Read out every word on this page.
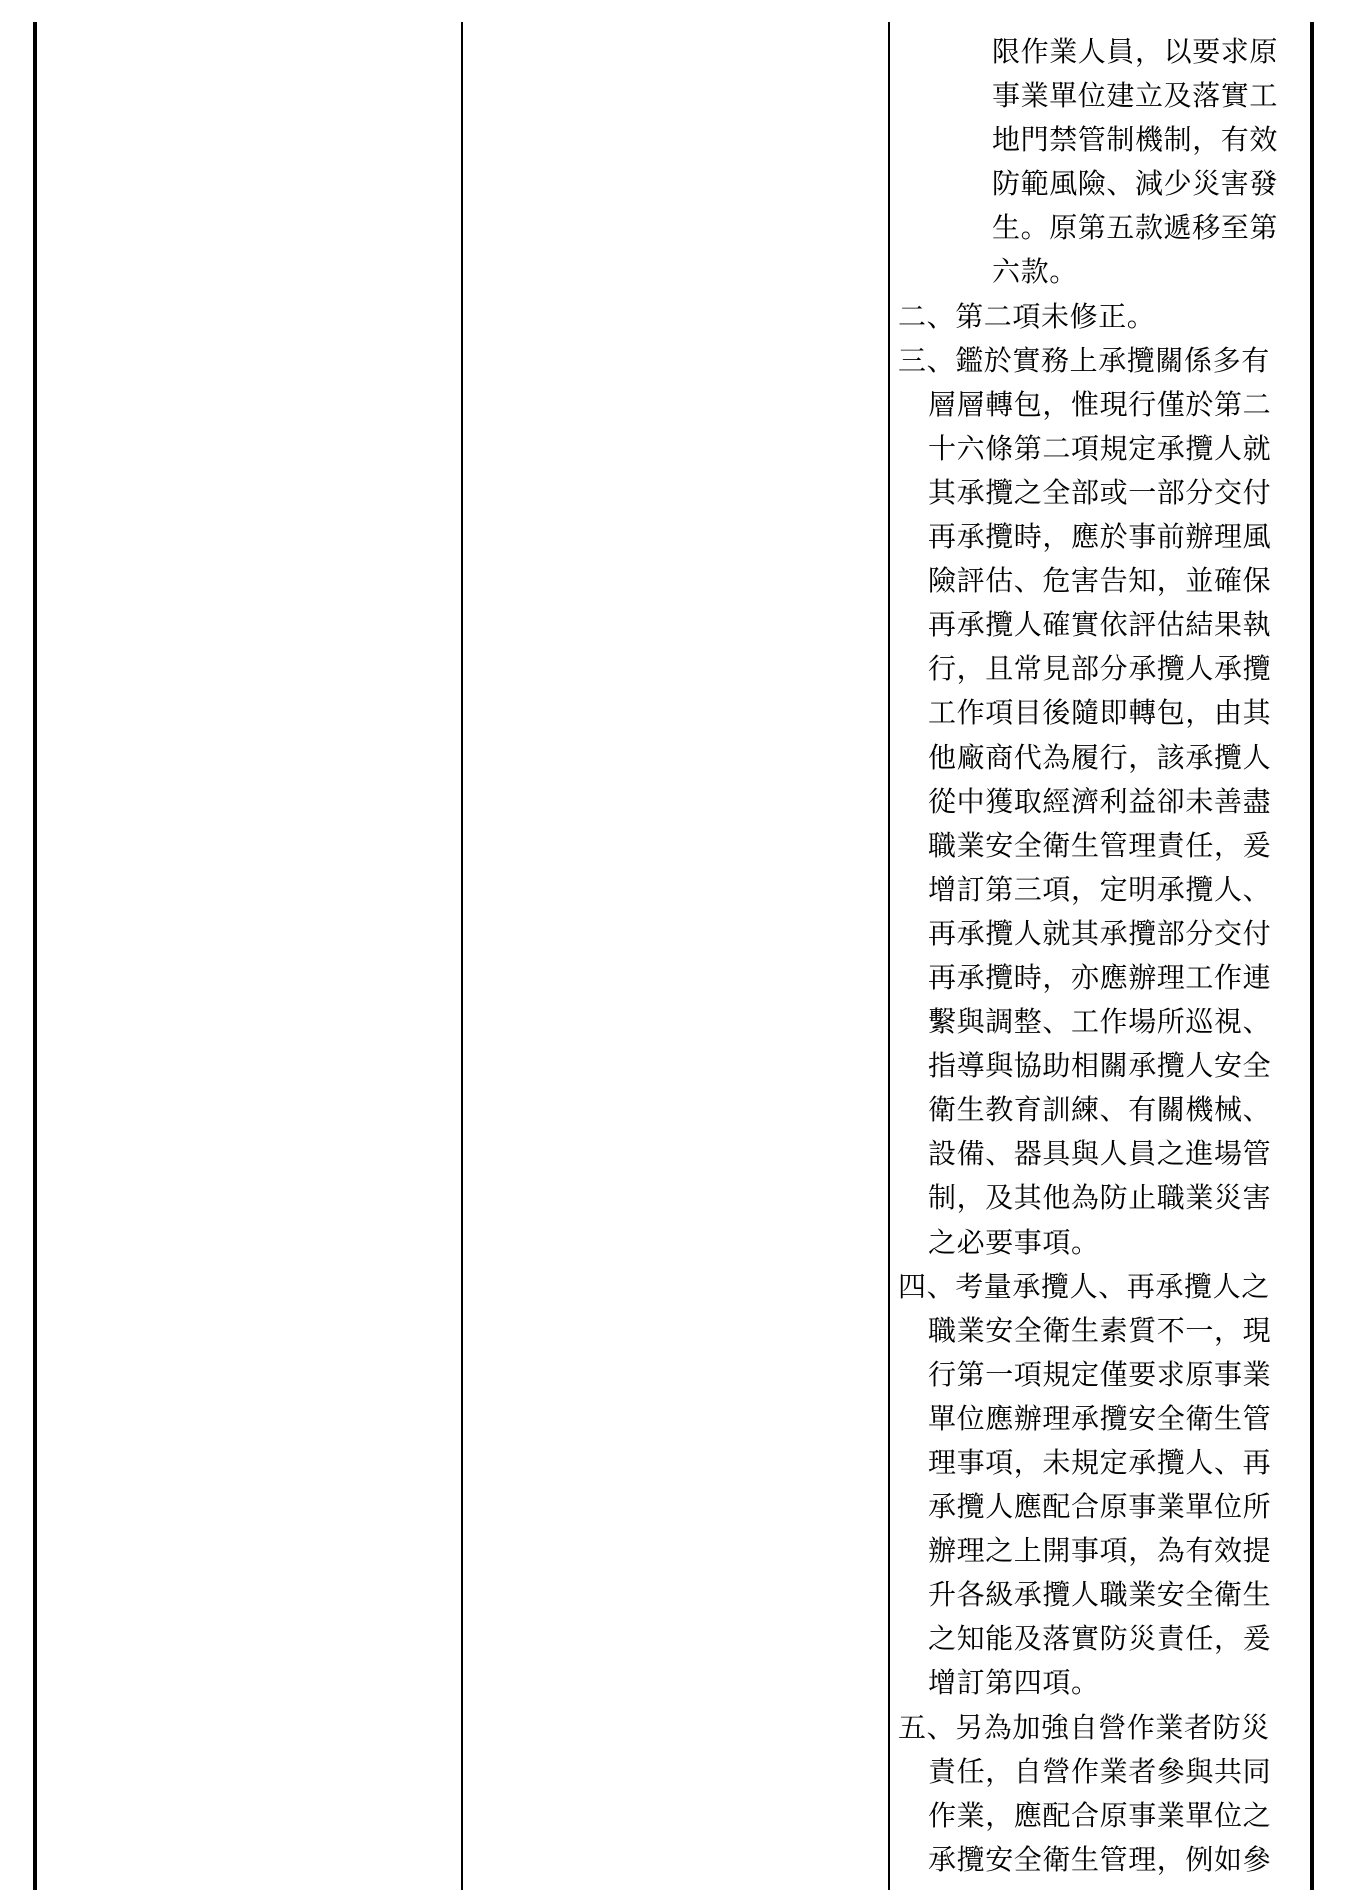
限作業人員，以要求原
事業單位建立及落實工
地門禁管制機制，有效
防範風險、減少災害發
生。原第五款遞移至第
六款。
二、第二項未修正。
三、鑑於實務上承攬關係多有
層層轉包，惟現行僅於第二
十六條第二項規定承攬人就
其承攬之全部或一部分交付
再承攬時，應於事前辦理風
險評估、危害告知，並確保
再承攬人確實依評估結果執
行，且常見部分承攬人承攬
工作項目後隨即轉包，由其
他廠商代為履行，該承攬人
從中獲取經濟利益卻未善盡
職業安全衛生管理責任，爰
增訂第三項，定明承攬人、
再承攬人就其承攬部分交付
再承攬時，亦應辦理工作連
繫與調整、工作場所巡視、
指導與協助相關承攬人安全
衛生教育訓練、有關機械、
設備、器具與人員之進場管
制，及其他為防止職業災害
之必要事項。
四、考量承攬人、再承攬人之
職業安全衛生素質不一，現
行第一項規定僅要求原事業
單位應辦理承攬安全衛生管
理事項，未規定承攬人、再
承攬人應配合原事業單位所
辦理之上開事項，為有效提
升各級承攬人職業安全衛生
之知能及落實防災責任，爰
增訂第四項。
五、另為加強自營作業者防災
責任，自營作業者參與共同
作業，應配合原事業單位之
承攬安全衛生管理，例如參
